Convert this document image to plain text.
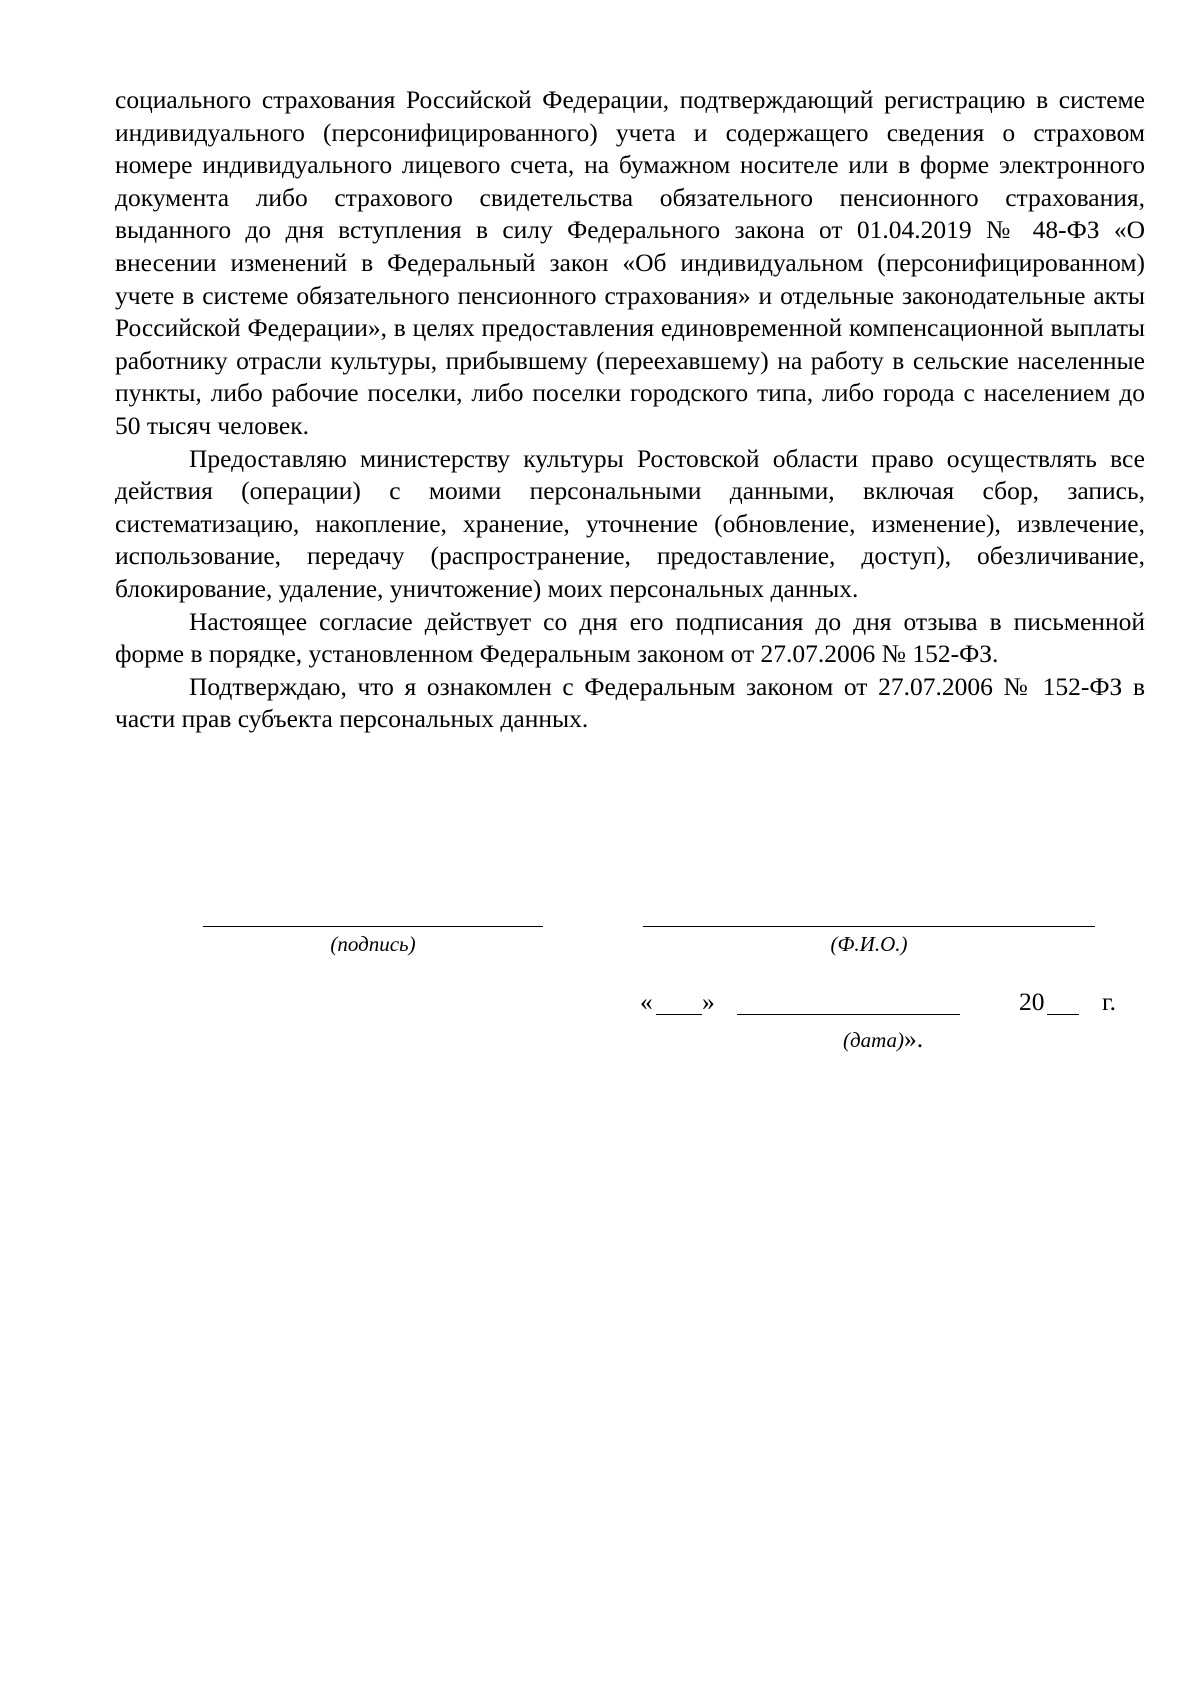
социального страхования Российской Федерации, подтверждающий регистрацию в системе индивидуального (персонифицированного) учета и содержащего сведения о страховом номере индивидуального лицевого счета, на бумажном носителе или в форме электронного документа либо страхового свидетельства обязательного пенсионного страхования, выданного до дня вступления в силу Федерального закона от 01.04.2019 № 48-ФЗ «О внесении изменений в Федеральный закон «Об индивидуальном (персонифицированном) учете в системе обязательного пенсионного страхования» и отдельные законодательные акты Российской Федерации», в целях предоставления единовременной компенсационной выплаты работнику отрасли культуры, прибывшему (переехавшему) на работу в сельские населенные пункты, либо рабочие поселки, либо поселки городского типа, либо города с населением до 50 тысяч человек.

Предоставляю министерству культуры Ростовской области право осуществлять все действия (операции) с моими персональными данными, включая сбор, запись, систематизацию, накопление, хранение, уточнение (обновление, изменение), извлечение, использование, передачу (распространение, предоставление, доступ), обезличивание, блокирование, удаление, уничтожение) моих персональных данных.

Настоящее согласие действует со дня его подписания до дня отзыва в письменной форме в порядке, установленном Федеральным законом от 27.07.2006 № 152-ФЗ.

Подтверждаю, что я ознакомлен с Федеральным законом от 27.07.2006 № 152-ФЗ в части прав субъекта персональных данных.

(подпись)	(Ф.И.О.)
« »	20 г.
(дата)».
